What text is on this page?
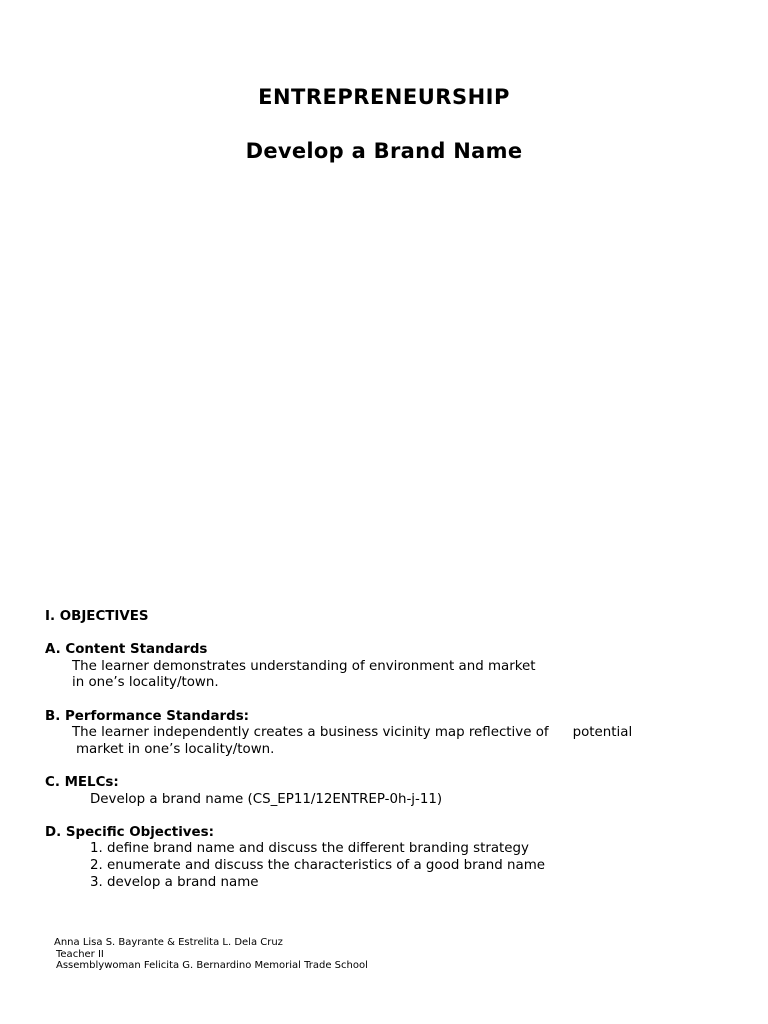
ENTREPRENEURSHIP
Develop a Brand Name

I. OBJECTIVES

A. Content Standards

The learner demonstrates understanding of environment and market

in one’s locality/town.

B. Performance Standards:

The learner independently creates a business vicinity map reflective of potential

market in one’s locality/town.

C. MELCs:

Develop a brand name (CS_EP11/12ENTREP-0h-j-11)

D. Specific Objectives:

1. define brand name and discuss the different branding strategy

2. enumerate and discuss the characteristics of a good brand name

3. develop a brand name

Anna Lisa S. Bayrante & Estrelita L. Dela Cruz

Teacher II

Assemblywoman Felicita G. Bernardino Memorial Trade School
